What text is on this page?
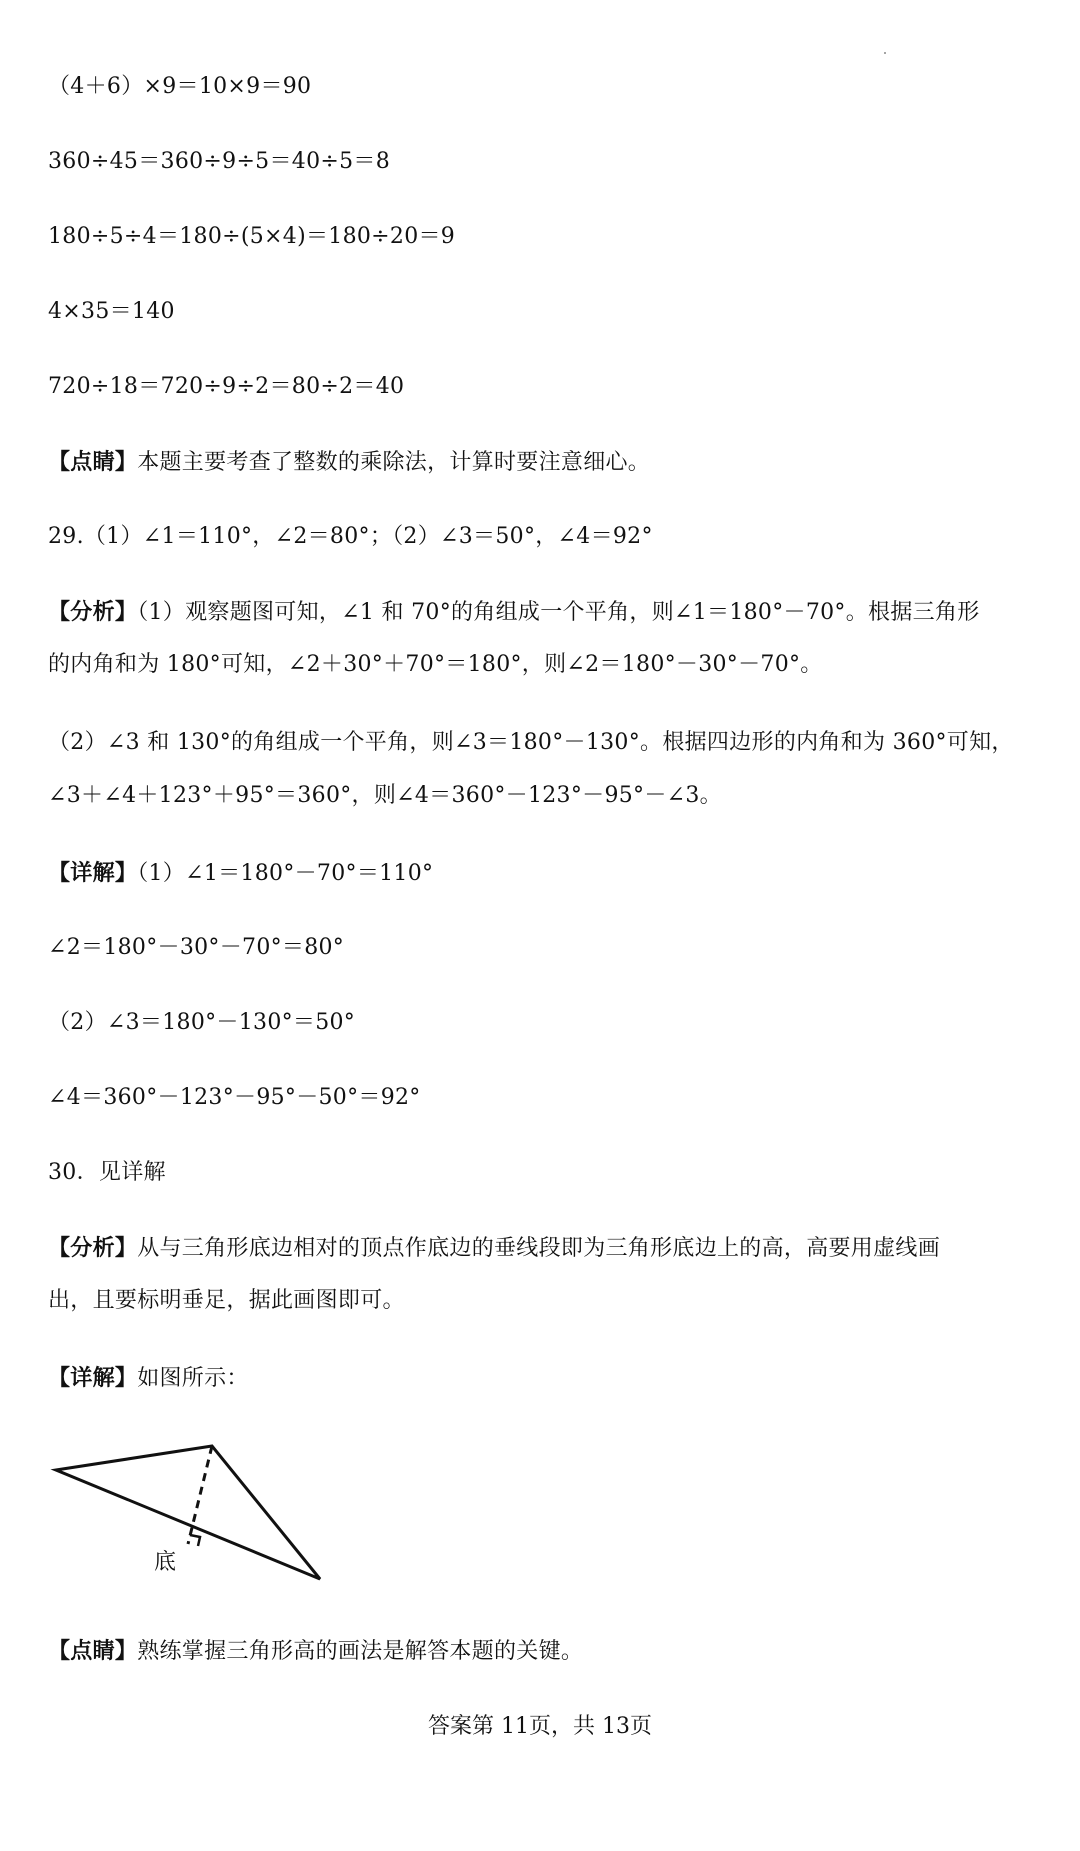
（4＋6）×9＝10×9＝90
360÷45＝360÷9÷5＝40÷5＝8
180÷5÷4＝180÷(5×4)＝180÷20＝9
4×35＝140
720÷18＝720÷9÷2＝80÷2＝40
【点睛】本题主要考查了整数的乘除法，计算时要注意细心。
29.（1）∠1＝110°，∠2＝80°；（2）∠3＝50°，∠4＝92°
【分析】（1）观察题图可知，∠1 和 70°的角组成一个平角，则∠1＝180°－70°。根据三角形
的内角和为 180°可知，∠2＋30°＋70°＝180°，则∠2＝180°－30°－70°。
（2）∠3 和 130°的角组成一个平角，则∠3＝180°－130°。根据四边形的内角和为 360°可知，
∠3＋∠4＋123°＋95°＝360°，则∠4＝360°－123°－95°－∠3。
【详解】（1）∠1＝180°－70°＝110°
∠2＝180°－30°－70°＝80°
（2）∠3＝180°－130°＝50°
∠4＝360°－123°－95°－50°＝92°
30．见详解
【分析】从与三角形底边相对的顶点作底边的垂线段即为三角形底边上的高，高要用虚线画
出，且要标明垂足，据此画图即可。
【详解】如图所示：
底
【点睛】熟练掌握三角形高的画法是解答本题的关键。
答案第 11页，共 13页
